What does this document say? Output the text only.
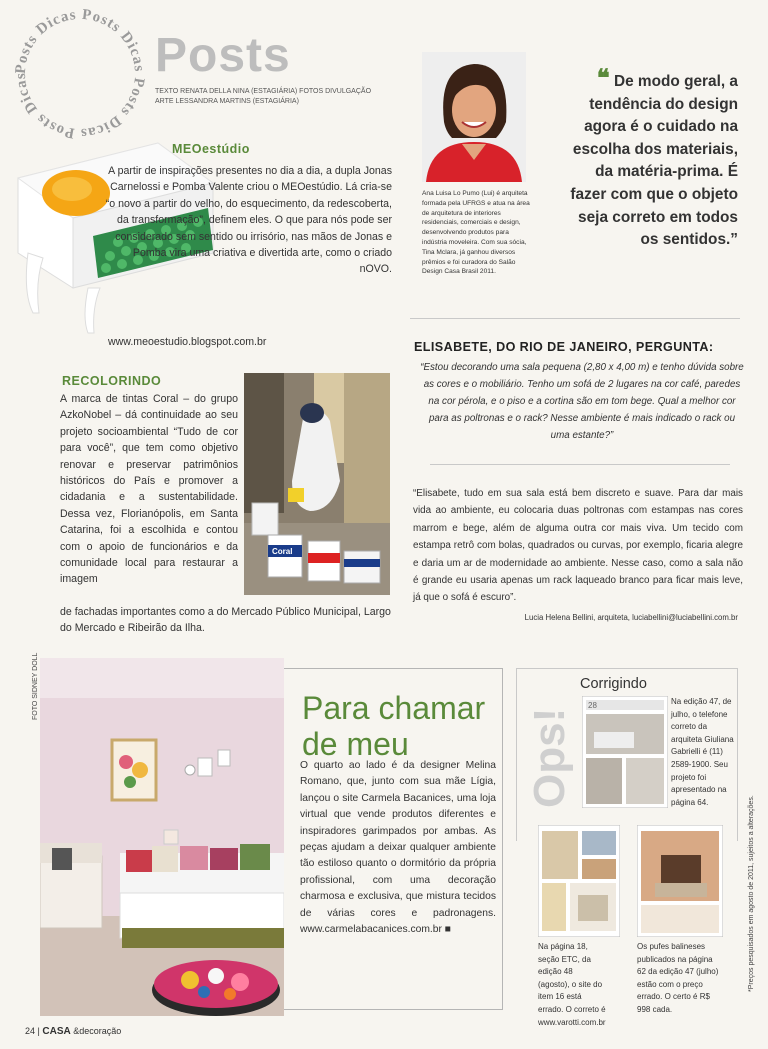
Posts Dicas Posts Dicas Posts Dicas Posts Dicas	Posts
TEXTO RENATA DELLA NINA (ESTAGIÁRIA) FOTOS DIVULGAÇÃO
ARTE LESSANDRA MARTINS (ESTAGIÁRIA)
MEOestúdio
A partir de inspirações presentes no dia a dia, a dupla Jonas Carnelossi e Pomba Valente criou o MEOestúdio. Lá cria-se “o novo a partir do velho, do esquecimento, da redescoberta, da transformação”, definem eles. O que para nós pode ser considerado sem sentido ou irrisório, nas mãos de Jonas e Pomba vira uma criativa e divertida arte, como o criado nOVO.
www.meoestudio.blogspot.com.br
Ana Luisa Lo Pumo (Lui) é arquiteta formada pela UFRGS e atua na área de arquitetura de interiores residenciais, comerciais e design, desenvolvendo produtos para indústria moveleira. Com sua sócia, Tina Mclara, já ganhou diversos prêmios e foi curadora do Salão Design Casa Brasil 2011.
❝ De modo geral, a tendência do design agora é o cuidado na escolha dos materiais, da matéria-prima. É fazer com que o objeto seja correto em todos os sentidos.”
RECOLORINDO
A marca de tintas Coral – do grupo AzkoNobel – dá continuidade ao seu projeto socioambiental “Tudo de cor para você”, que tem como objetivo renovar e preservar patrimônios históricos do País e promover a cidadania e a sustentabilidade. Dessa vez, Florianópolis, em Santa Catarina, foi a escolhida e contou com o apoio de funcionários e da comunidade local para restaurar a imagem
de fachadas importantes como a do Mercado Público Municipal, Largo do Mercado e Ribeirão da Ilha.
Coral
ELISABETE, DO RIO DE JANEIRO, PERGUNTA:
“Estou decorando uma sala pequena (2,80 x 4,00 m) e tenho dúvida sobre as cores e o mobiliário. Tenho um sofá de 2 lugares na cor café, paredes na cor pérola, e o piso e a cortina são em tom bege. Qual a melhor cor para as poltronas e o rack? Nesse ambiente é mais indicado o rack ou uma estante?”
“Elisabete, tudo em sua sala está bem discreto e suave. Para dar mais vida ao ambiente, eu colocaria duas poltronas com estampas nas cores marrom e bege, além de alguma outra cor mais viva. Um tecido com estampa retrô com bolas, quadrados ou curvas, por exemplo, ficaria alegre e daria um ar de modernidade ao ambiente. Nesse caso, como a sala não é grande eu usaria apenas um rack laqueado branco para ficar mais leve, já que o sofá é escuro”.
Lucia Helena Bellini, arquiteta, luciabellini@luciabellini.com.br
FOTO SIDNEY DOLL	Para chamar
de meu
O quarto ao lado é da designer Melina Romano, que, junto com sua mãe Lígia, lançou o site Carmela Bacanices, uma loja virtual que vende produtos diferentes e inspiradores garimpados por ambas. As peças ajudam a deixar qualquer ambiente tão estiloso quanto o dormitório da própria profissional, com uma decoração charmosa e exclusiva, que mistura tecidos de várias cores e padronagens. www.carmelabacanices.com.br ■
Ops!
Corrigindo
28	Na edição 47, de julho, o telefone correto da arquiteta Giuliana Gabrielli é (11) 2589-1900. Seu projeto foi apresentado na página 64.
Na página 18, seção ETC, da edição 48 (agosto), o site do item 16 está errado. O correto é www.varotti.com.br
Os pufes balineses publicados na página 62 da edição 47 (julho) estão com o preço errado. O certo é R$ 998 cada.
*Preços pesquisados em agosto de 2011, sujeitos a alterações.
24 | CASA &decoração
